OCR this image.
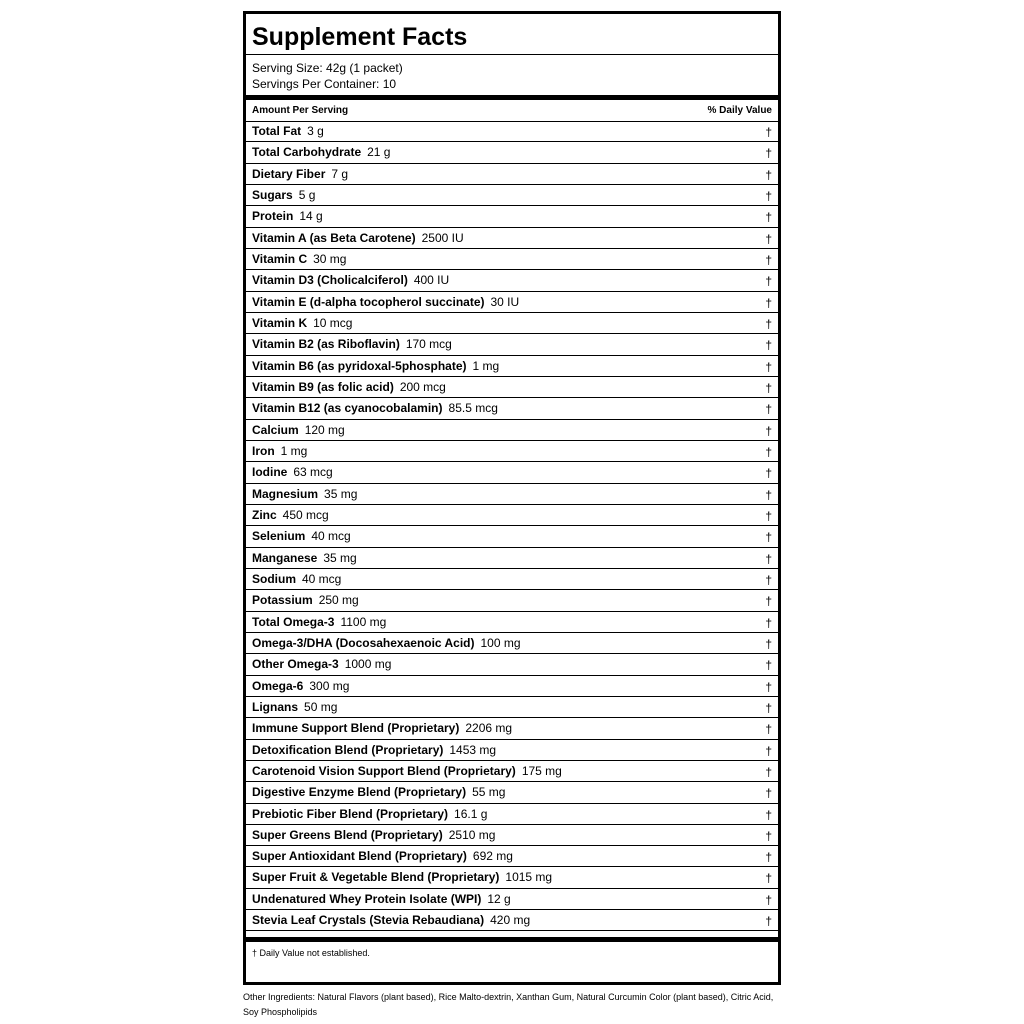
Supplement Facts
Serving Size: 42g (1 packet)
Servings Per Container: 10
Amount Per Serving	% Daily Value
Total Fat 3 g	†
Total Carbohydrate 21 g	†
Dietary Fiber 7 g	†
Sugars 5 g	†
Protein 14 g	†
Vitamin A (as Beta Carotene) 2500 IU	†
Vitamin C 30 mg	†
Vitamin D3 (Cholicalciferol) 400 IU	†
Vitamin E (d-alpha tocopherol succinate) 30 IU	†
Vitamin K 10 mcg	†
Vitamin B2 (as Riboflavin) 170 mcg	†
Vitamin B6 (as pyridoxal-5phosphate) 1 mg	†
Vitamin B9 (as folic acid) 200 mcg	†
Vitamin B12 (as cyanocobalamin) 85.5 mcg	†
Calcium 120 mg	†
Iron 1 mg	†
Iodine 63 mcg	†
Magnesium 35 mg	†
Zinc 450 mcg	†
Selenium 40 mcg	†
Manganese 35 mg	†
Sodium 40 mcg	†
Potassium 250 mg	†
Total Omega-3 1100 mg	†
Omega-3/DHA (Docosahexaenoic Acid) 100 mg	†
Other Omega-3 1000 mg	†
Omega-6 300 mg	†
Lignans 50 mg	†
Immune Support Blend (Proprietary) 2206 mg	†
Detoxification Blend (Proprietary) 1453 mg	†
Carotenoid Vision Support Blend (Proprietary) 175 mg	†
Digestive Enzyme Blend (Proprietary) 55 mg	†
Prebiotic Fiber Blend (Proprietary) 16.1 g	†
Super Greens Blend (Proprietary) 2510 mg	†
Super Antioxidant Blend (Proprietary) 692 mg	†
Super Fruit & Vegetable Blend (Proprietary) 1015 mg	†
Undenatured Whey Protein Isolate (WPI) 12 g	†
Stevia Leaf Crystals (Stevia Rebaudiana) 420 mg	†
† Daily Value not established.
Other Ingredients: Natural Flavors (plant based), Rice Malto-dextrin, Xanthan Gum, Natural Curcumin Color (plant based), Citric Acid, Soy Phospholipids
